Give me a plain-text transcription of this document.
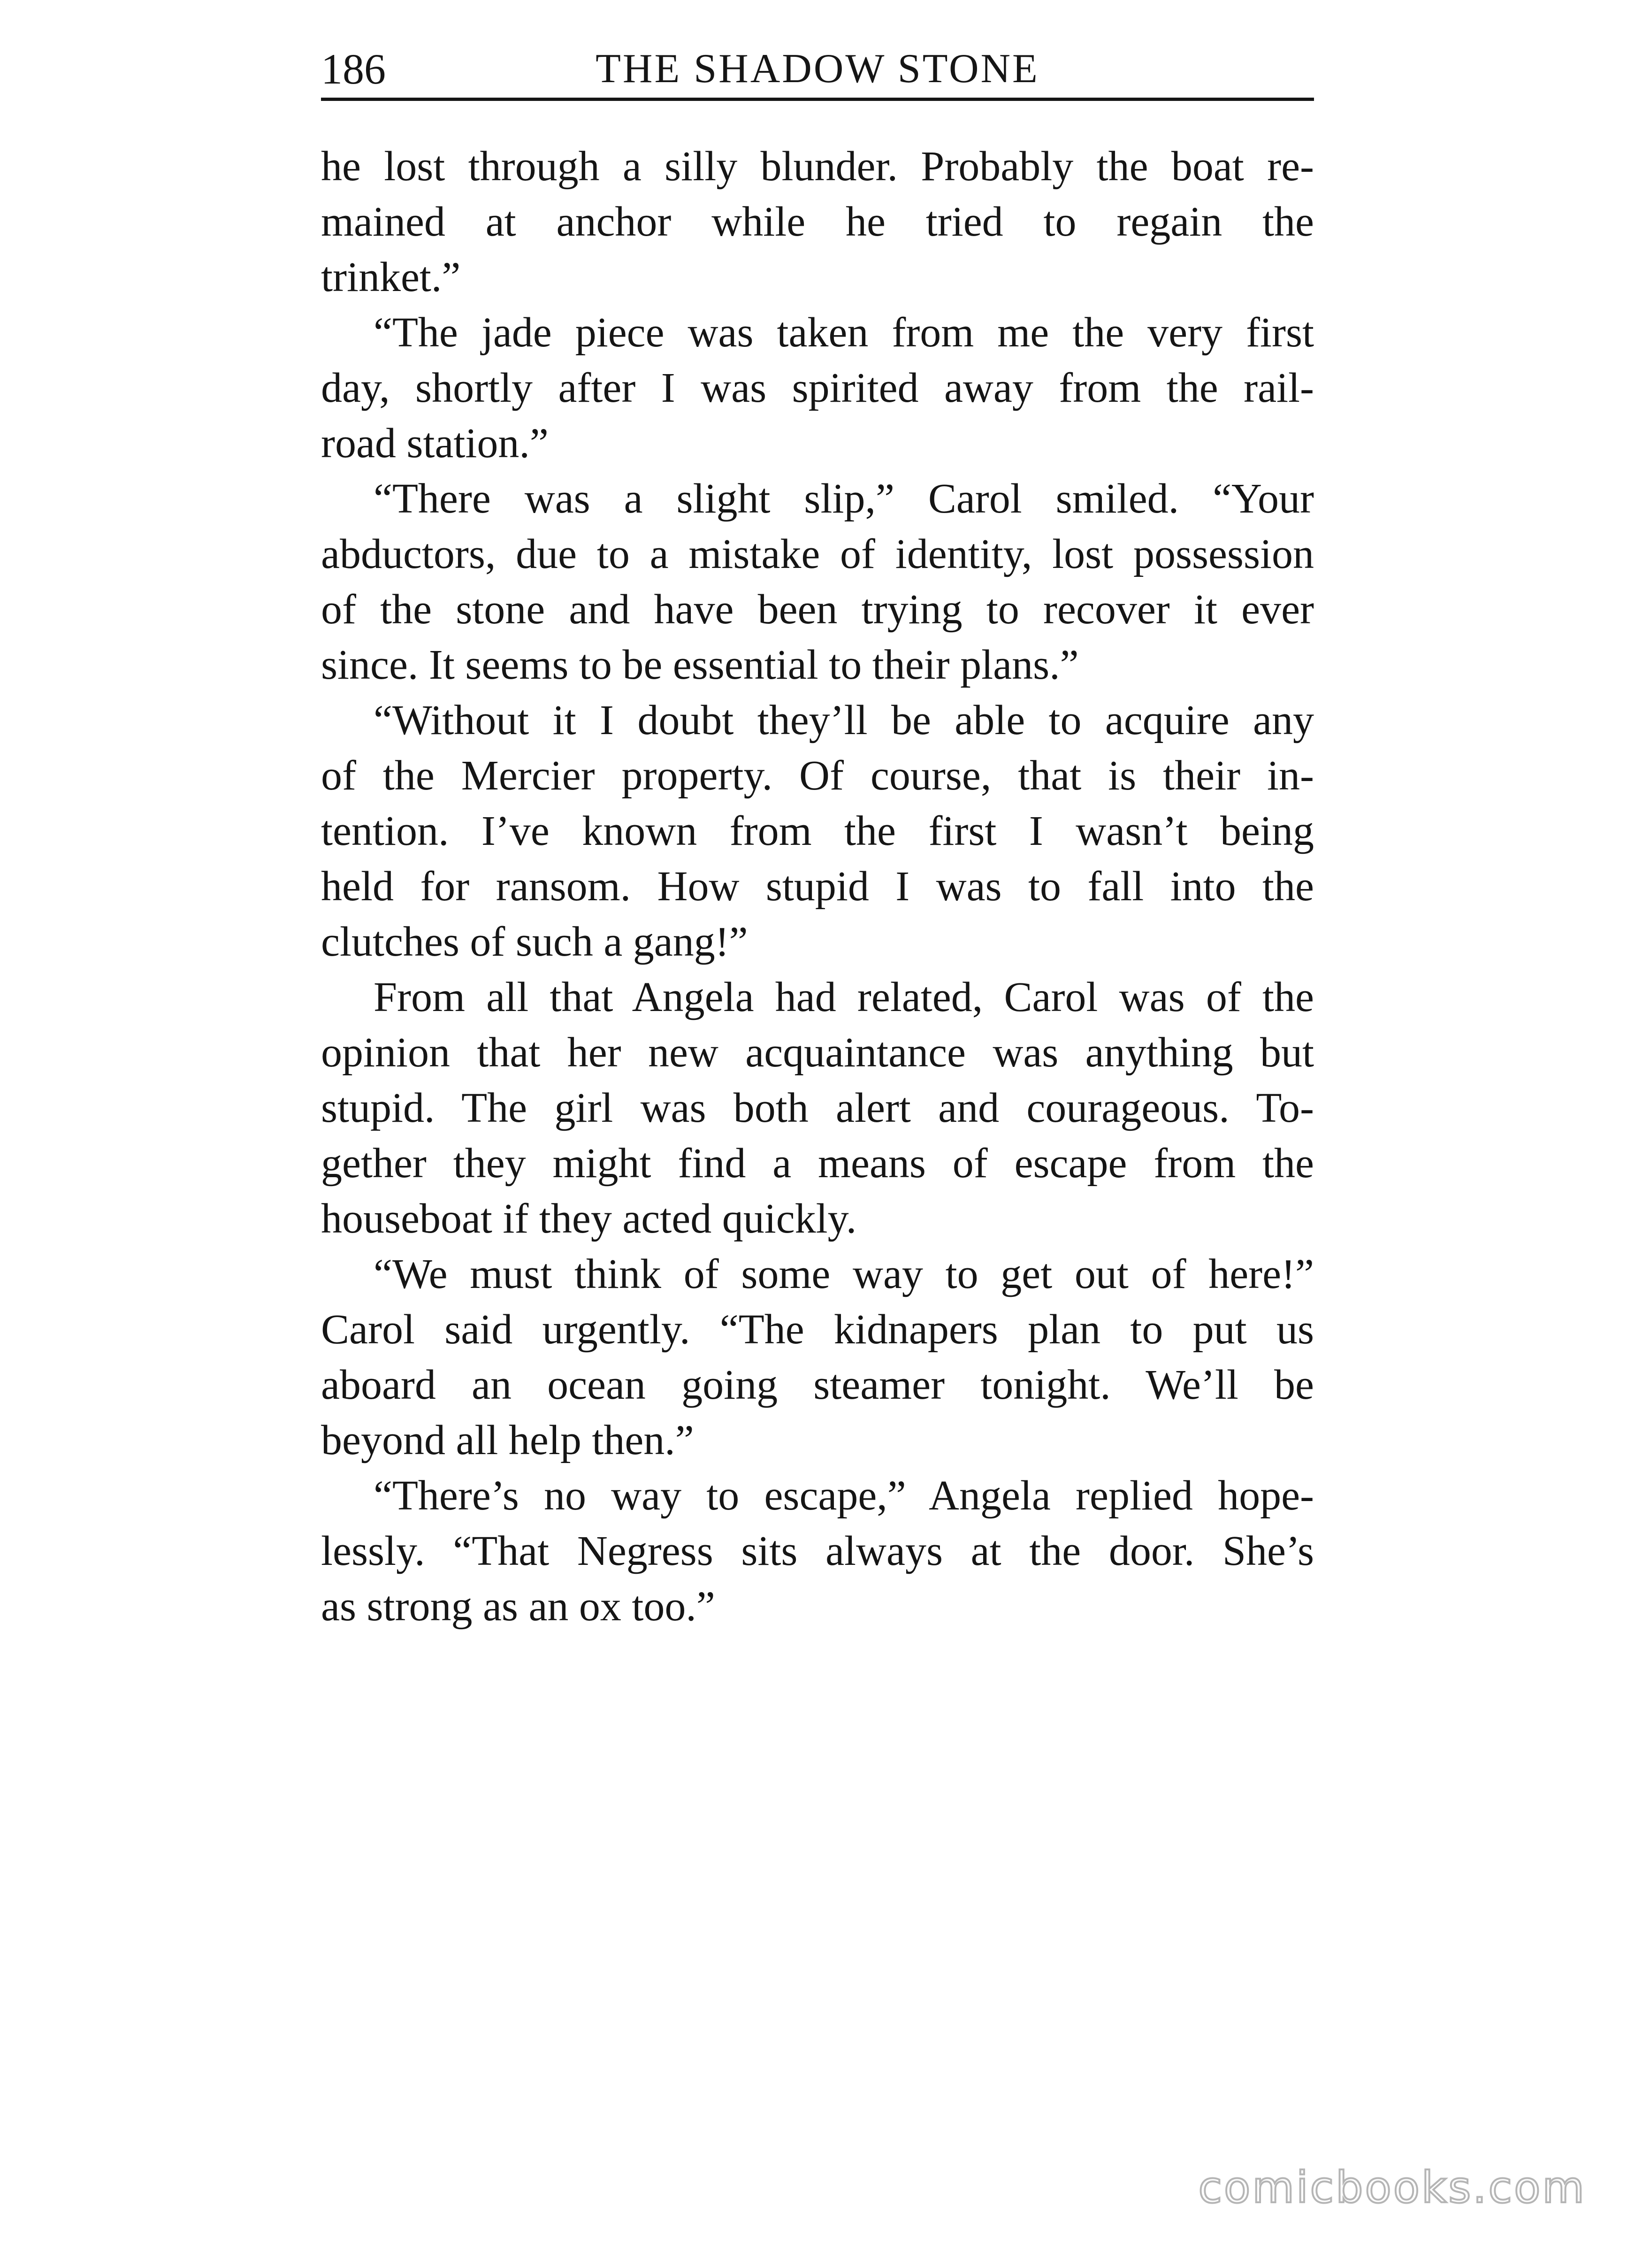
186	THE SHADOW STONE
he lost through a silly blunder. Probably the boat re-
mained at anchor while he tried to regain the
trinket.”
“The jade piece was taken from me the very first
day, shortly after I was spirited away from the rail-
road station.”
“There was a slight slip,” Carol smiled. “Your
abductors, due to a mistake of identity, lost possession
of the stone and have been trying to recover it ever
since. It seems to be essential to their plans.”
“Without it I doubt they’ll be able to acquire any
of the Mercier property. Of course, that is their in-
tention. I’ve known from the first I wasn’t being
held for ransom. How stupid I was to fall into the
clutches of such a gang!”
From all that Angela had related, Carol was of the
opinion that her new acquaintance was anything but
stupid. The girl was both alert and courageous. To-
gether they might find a means of escape from the
houseboat if they acted quickly.
“We must think of some way to get out of here!”
Carol said urgently. “The kidnapers plan to put us
aboard an ocean going steamer tonight. We’ll be
beyond all help then.”
“There’s no way to escape,” Angela replied hope-
lessly. “That Negress sits always at the door. She’s
as strong as an ox too.”
comicbooks.com
